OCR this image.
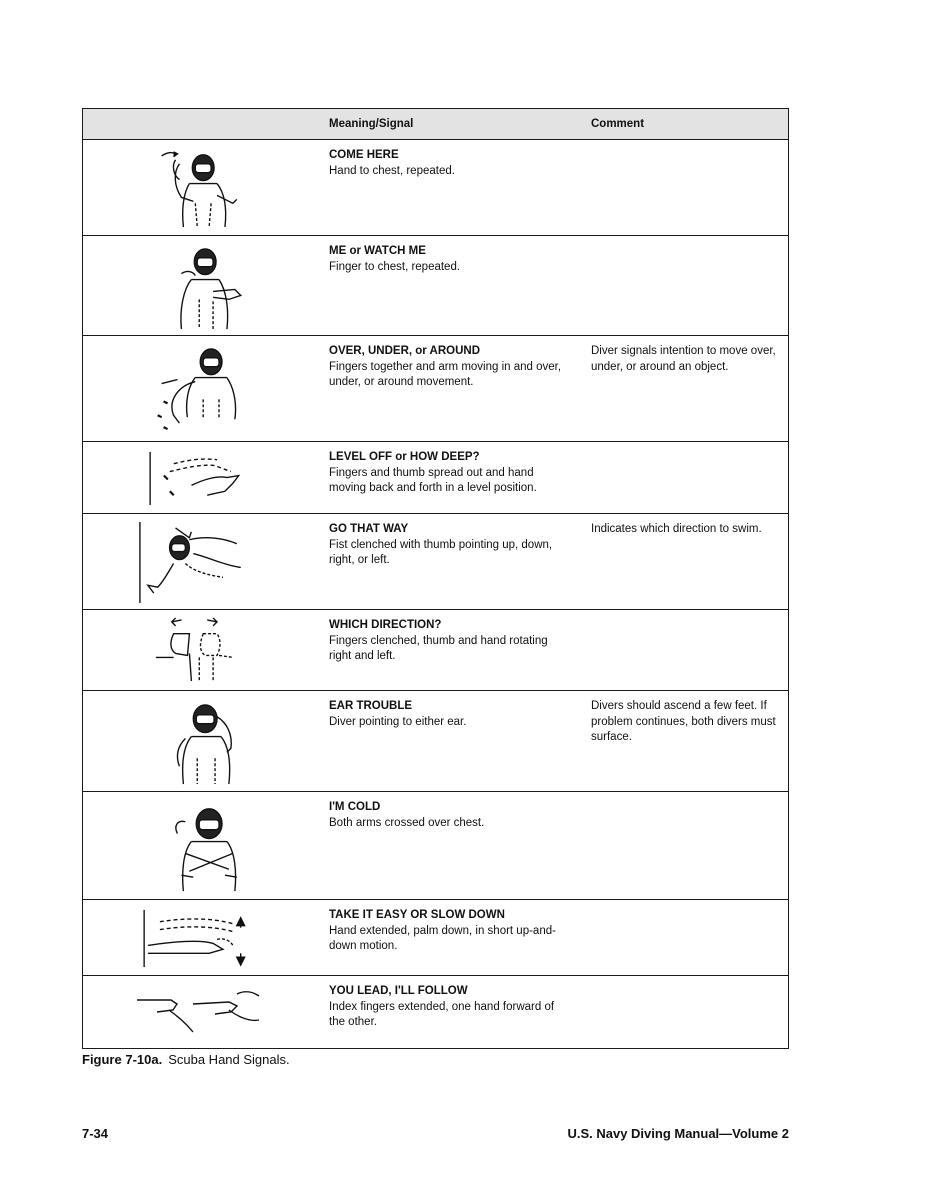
Meaning/Signal	Comment
COME HERE
Hand to chest, repeated.
ME or WATCH ME
Finger to chest, repeated.
OVER, UNDER, or AROUND
Fingers together and arm moving in and over, under, or around movement.
Diver signals intention to move over, under, or around an object.
LEVEL OFF or HOW DEEP?
Fingers and thumb spread out and hand moving back and forth in a level position.
GO THAT WAY
Fist clenched with thumb pointing up, down, right, or left.
Indicates which direction to swim.
WHICH DIRECTION?
Fingers clenched, thumb and hand rotating right and left.
EAR TROUBLE
Diver pointing to either ear.
Divers should ascend a few feet. If problem continues, both divers must surface.
I'M COLD
Both arms crossed over chest.
TAKE IT EASY OR SLOW DOWN
Hand extended, palm down, in short up-and-down motion.
YOU LEAD, I'LL FOLLOW
Index fingers extended, one hand forward of the other.
Figure 7-10a. Scuba Hand Signals.
7-34	U.S. Navy Diving Manual—Volume 2
